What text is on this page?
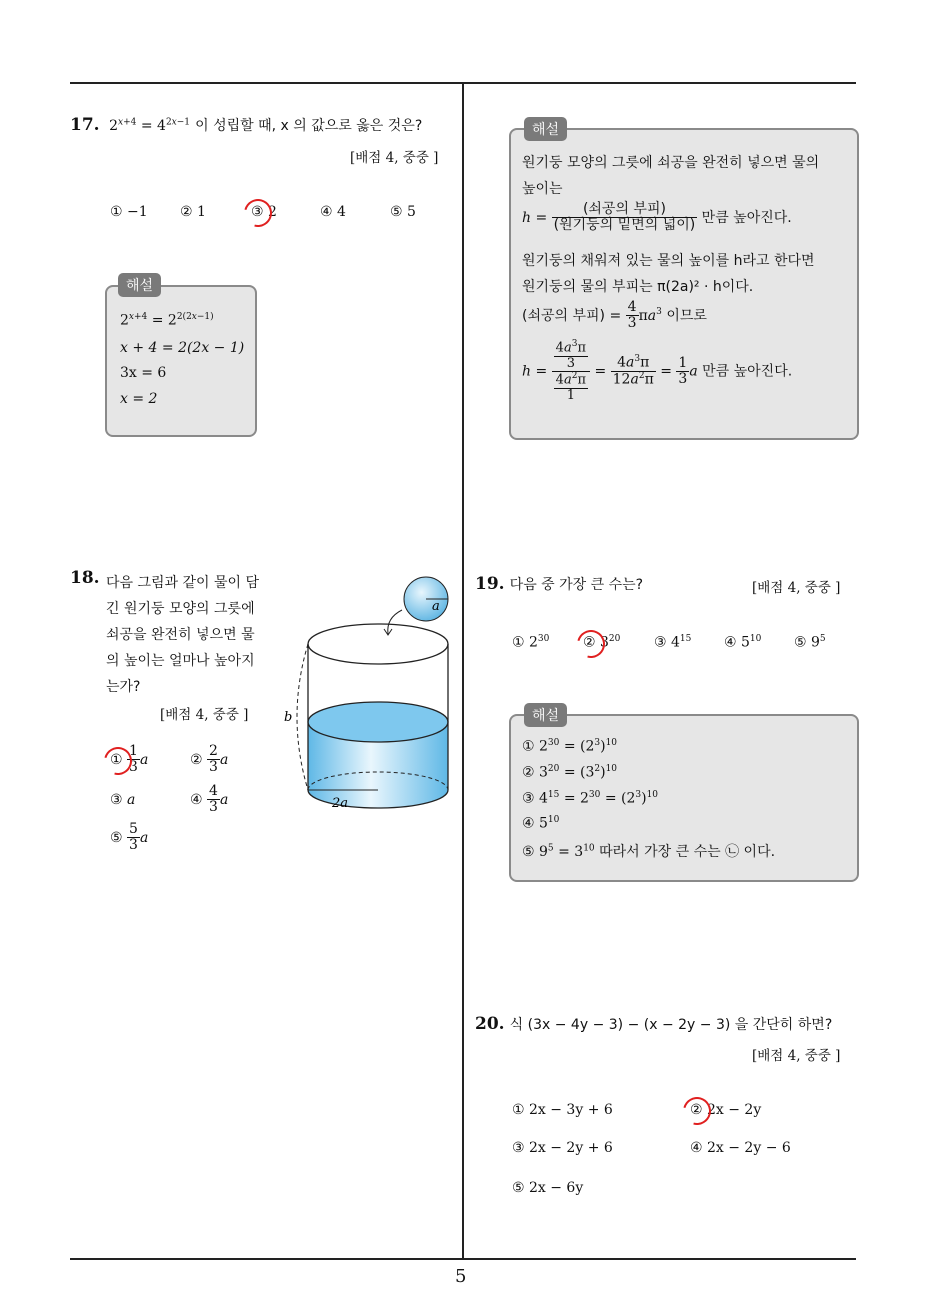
5
17.  $2^{x+4} = 4^{2x-1}$ 이 성립할 때, x 의 값으로 옳은 것은?
[배점 4, 중중 ]
① −1 ② 1	③ 2	④ 4	⑤ 5
해설
$2^{x+4} = 2^{2(2x-1)}$
x + 4 = 2(2x − 1)
3x = 6
x = 2
해설
원기둥 모양의 그릇에 쇠공을 완전히 넣으면 물의
높이는
$h = \frac{\text{(쇠공의 부피)}}{\text{(원기둥의 밑면의 넓이)}}$ 만큼 높아진다.
원기둥의 채워져 있는 물의 높이를 h라고 한다면
원기둥의 물의 부피는 π(2a)² · h이다.
(쇠공의 부피) = $\frac{4}{3} \pi a^3$ 이므로
$h = \frac{\frac{4a^3\pi}{3}}{\frac{4a^2\pi}{1}} = \frac{4a^3\pi}{12a^2\pi} = \frac{1}{3}$ a 만큼 높아진다.
18. 다음 그림과 같이 물이 담
긴 원기둥 모양의 그릇에
쇠공을 완전히 넣으면 물
의 높이는 얼마나 높아지
는가?
[배점 4, 중중 ]
① $\frac{1}{3}$ a	② $\frac{2}{3}$ a
③ a	④ $\frac{4}{3}$ a
⑤ $\frac{5}{3}$ a
2a
b
a
19. 다음 중 가장 큰 수는?	[배점 4, 중중 ]
① $2^{30}$ ② $3^{20}$ ③ $4^{15}$ ④ $5^{10}$ ⑤ $9^5$
해설
① $2^{30} = (2^3)^{10}$
② $3^{20} = (3^2)^{10}$
③ $4^{15} = 2^{30} = (2^3)^{10}$
④ $5^{10}$
⑤ $9^5 = 3^{10}$ 따라서 가장 큰 수는 ㉡ 이다.
20. 식 (3x − 4y − 3) − (x − 2y − 3) 을 간단히 하면?
[배점 4, 중중 ]
① 2x − 3y + 6	② 2x − 2y
③ 2x − 2y + 6	④ 2x − 2y − 6
⑤ 2x − 6y
